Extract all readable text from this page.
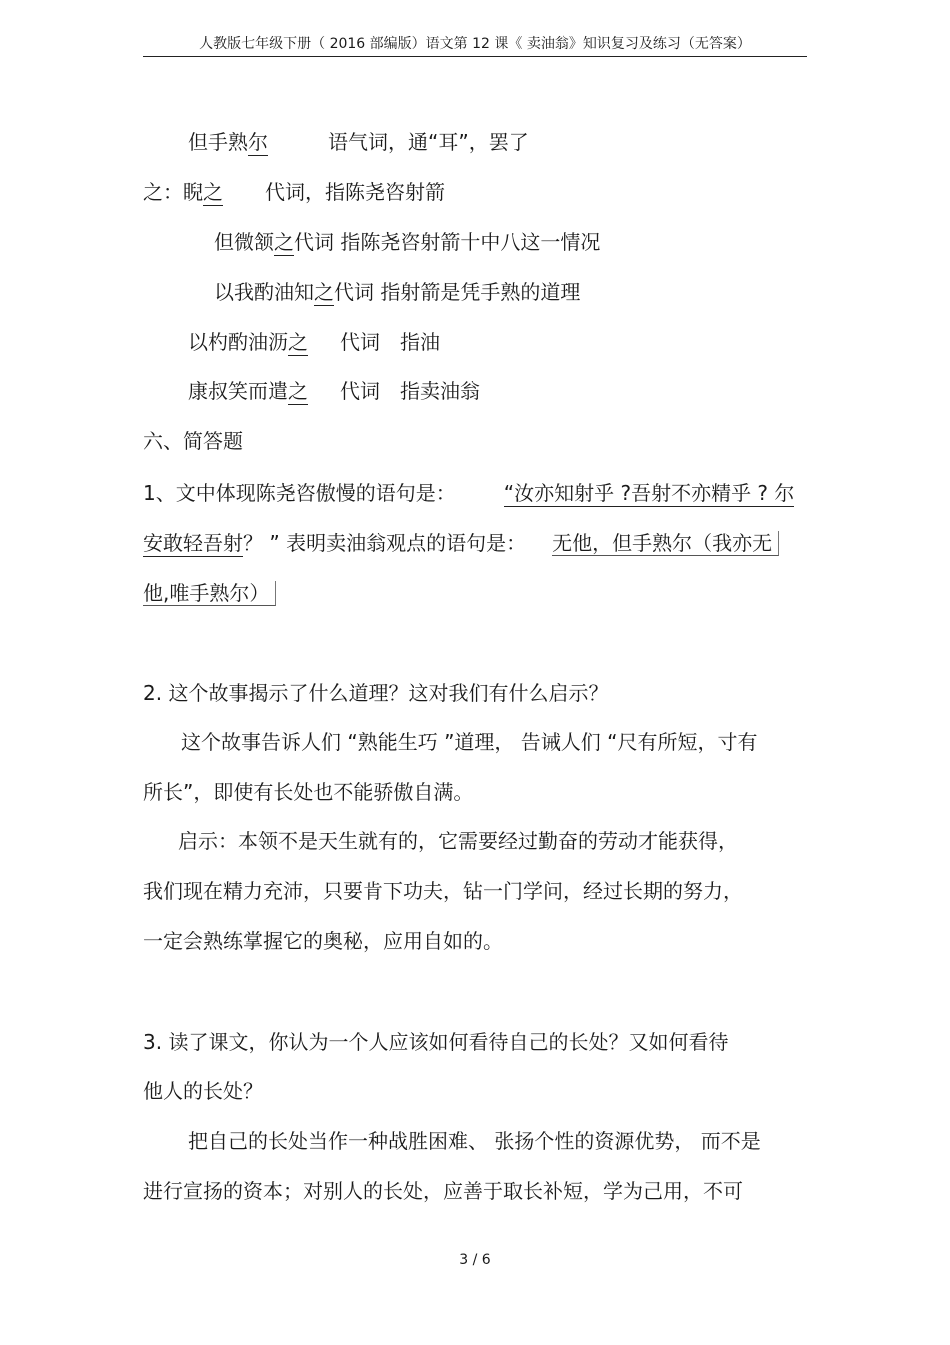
人教版七年级下册（ 2016 部编版）语文第 12 课《 卖油翁》知识复习及练习（无答案）
但手熟尔	语气词，通“耳”，罢了
之：睨之 代词，指陈尧咨射箭
但微颔之代词 指陈尧咨射箭十中八这一情况
以我酌油知之代词 指射箭是凭手熟的道理
以杓酌油沥之 代词 指油
康叔笑而遣之 代词 指卖油翁
六、简答题
1、文中体现陈尧咨傲慢的语句是： “汝亦知射乎 ?吾射不亦精乎 ? 尔
安敢轻吾射？ ” 表明卖油翁观点的语句是： 无他，但手熟尔（我亦无
他,唯手熟尔）
2. 这个故事揭示了什么道理？这对我们有什么启示？
这个故事告诉人们 “熟能生巧 ”道理， 告诫人们 “尺有所短，寸有
所长”，即使有长处也不能骄傲自满。
启示：本领不是天生就有的，它需要经过勤奋的劳动才能获得，
我们现在精力充沛，只要肯下功夫，钻一门学问，经过长期的努力，
一定会熟练掌握它的奥秘，应用自如的。
3. 读了课文，你认为一个人应该如何看待自己的长处？又如何看待
他人的长处？
把自己的长处当作一种战胜困难、 张扬个性的资源优势， 而不是
进行宣扬的资本；对别人的长处，应善于取长补短，学为己用，不可
3 / 6
